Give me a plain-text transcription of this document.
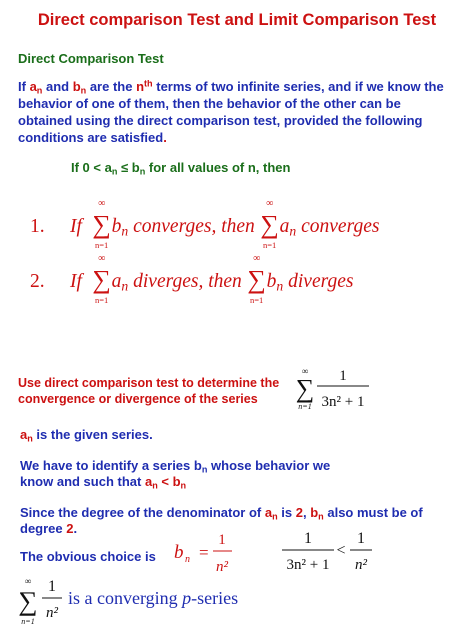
Direct comparison Test and Limit Comparison Test
Direct Comparison Test
If $a_n$ and $b_n$ are the $n^{th}$ terms of two infinite series, and if we know the behavior of one of them, then the behavior of the other can be obtained using the direct comparison test, provided the following conditions are satisfied.
If $0 < a_n \le b_n$ for all values of n, then
1. If
∞
∑
n=1
$b_n$ converges, then
∞
∑
n=1
$a_n$ converges
2. If
∞
∑
n=1
$a_n$ diverges, then
∞
∑
n=1
$b_n$ diverges
Use direct comparison test to determine the
convergence or divergence of the series
∞
∑
n=1
1
3n² + 1
$a_n$ is the given series.
We have to identify a series $b_n$ whose behavior we
know and such that $a_n < b_n$
Since the degree of the denominator of $a_n$ is 2, $b_n$ also must be of degree 2.
The obvious choice is b n =
1
n²
1
3n² + 1
<
1
n²
∞
∑
n=1
1
n²
is a converging p-series
